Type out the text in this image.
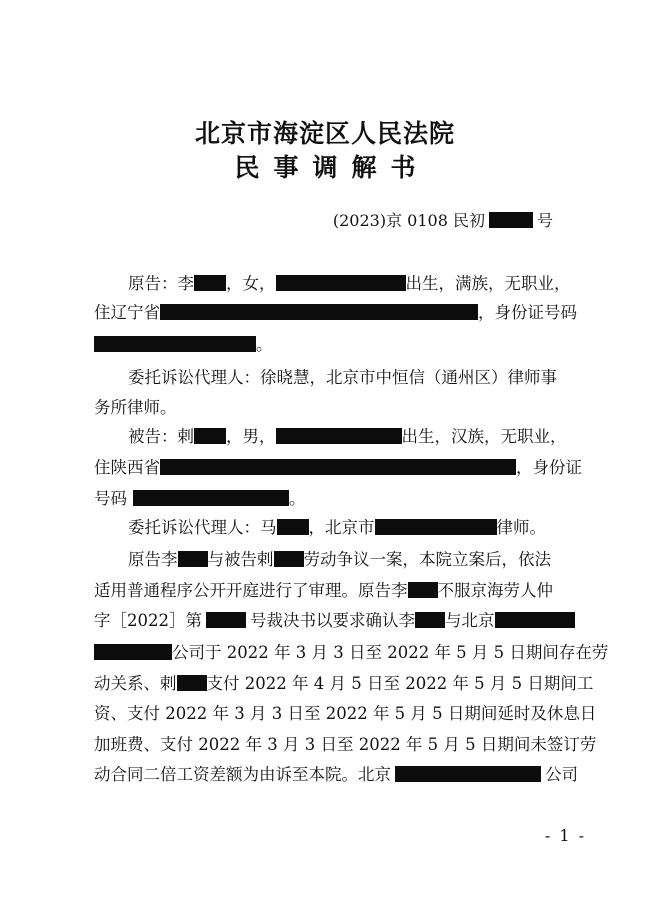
北京市海淀区人民法院
民事调解书
(2023)京 0108 民初	号
原告：李 ，女，	出生，满族，无职业，
住辽宁省	，身份证号码
。
委托诉讼代理人：徐晓慧，北京市中恒信（通州区）律师事
务所律师。
被告：剌 ，男，	出生，汉族，无职业，
住陕西省	，身份证
号码	。
委托诉讼代理人：马 ，北京市	律师。
原告李 与被告剌 劳动争议一案，本院立案后，依法
适用普通程序公开开庭进行了审理。原告李 不服京海劳人仲
字［2022］第	号裁决书以要求确认李 与北京
公司于 2022 年 3 月 3 日至 2022 年 5 月 5 日期间存在劳
动关系、剌 支付 2022 年 4 月 5 日至 2022 年 5 月 5 日期间工
资、支付 2022 年 3 月 3 日至 2022 年 5 月 5 日期间延时及休息日
加班费、支付 2022 年 3 月 3 日至 2022 年 5 月 5 日期间未签订劳
动合同二倍工资差额为由诉至本院。北京	公司
- 1 -
